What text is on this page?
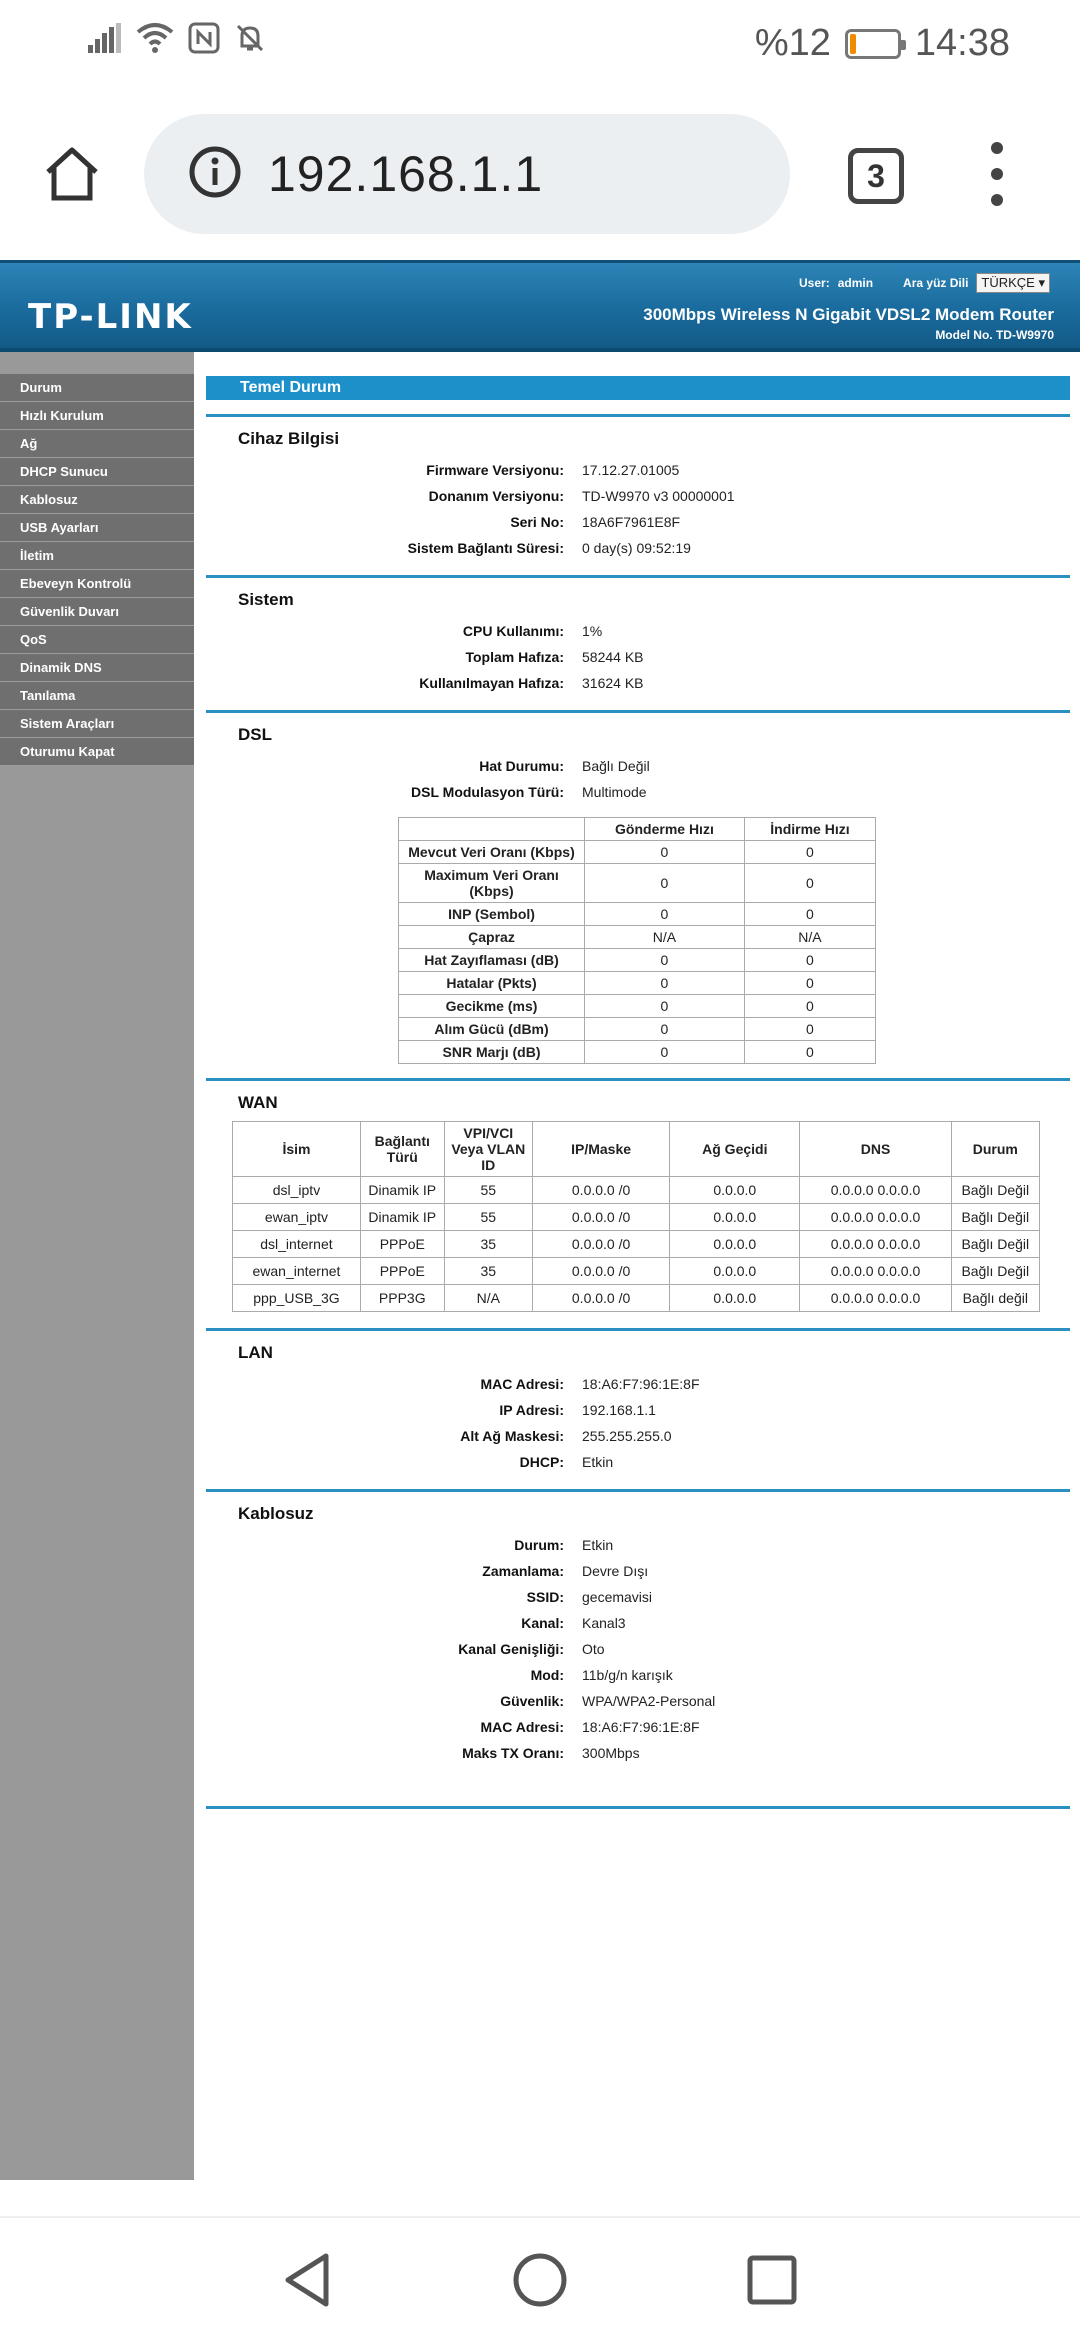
%12 14:38
192.168.1.1	3
TP-LINK
User: admin	Ara yüz Dili	TÜRKÇE ▾
300Mbps Wireless N Gigabit VDSL2 Modem Router
Model No. TD-W9970
Durum
Hızlı Kurulum
Ağ
DHCP Sunucu
Kablosuz
USB Ayarları
İletim
Ebeveyn Kontrolü
Güvenlik Duvarı
QoS
Dinamik DNS
Tanılama
Sistem Araçları
Oturumu Kapat
Temel Durum
Cihaz Bilgisi
Firmware Versiyonu:	17.12.27.01005
Donanım Versiyonu:	TD-W9970 v3 00000001
Seri No:	18A6F7961E8F
Sistem Bağlantı Süresi:	0 day(s) 09:52:19
Sistem
CPU Kullanımı:	1%
Toplam Hafıza:	58244 KB
Kullanılmayan Hafıza:	31624 KB
DSL
Hat Durumu:	Bağlı Değil
DSL Modulasyon Türü:	Multimode
	Gönderme Hızı	İndirme Hızı
Mevcut Veri Oranı (Kbps)	0	0
Maximum Veri Oranı (Kbps)	0	0
INP (Sembol)	0	0
Çapraz	N/A	N/A
Hat Zayıflaması (dB)	0	0
Hatalar (Pkts)	0	0
Gecikme (ms)	0	0
Alım Gücü (dBm)	0	0
SNR Marjı (dB)	0	0
WAN
İsim	Bağlantı Türü	VPI/VCI Veya VLAN ID	IP/Maske	Ağ Geçidi	DNS	Durum
dsl_iptv	Dinamik IP	55	0.0.0.0 /0	0.0.0.0	0.0.0.0 0.0.0.0	Bağlı Değil
ewan_iptv	Dinamik IP	55	0.0.0.0 /0	0.0.0.0	0.0.0.0 0.0.0.0	Bağlı Değil
dsl_internet	PPPoE	35	0.0.0.0 /0	0.0.0.0	0.0.0.0 0.0.0.0	Bağlı Değil
ewan_internet	PPPoE	35	0.0.0.0 /0	0.0.0.0	0.0.0.0 0.0.0.0	Bağlı Değil
ppp_USB_3G	PPP3G	N/A	0.0.0.0 /0	0.0.0.0	0.0.0.0 0.0.0.0	Bağlı değil
LAN
MAC Adresi:	18:A6:F7:96:1E:8F
IP Adresi:	192.168.1.1
Alt Ağ Maskesi:	255.255.255.0
DHCP:	Etkin
Kablosuz
Durum:	Etkin
Zamanlama:	Devre Dışı
SSID:	gecemavisi
Kanal:	Kanal3
Kanal Genişliği:	Oto
Mod:	11b/g/n karışık
Güvenlik:	WPA/WPA2-Personal
MAC Adresi:	18:A6:F7:96:1E:8F
Maks TX Oranı:	300Mbps
